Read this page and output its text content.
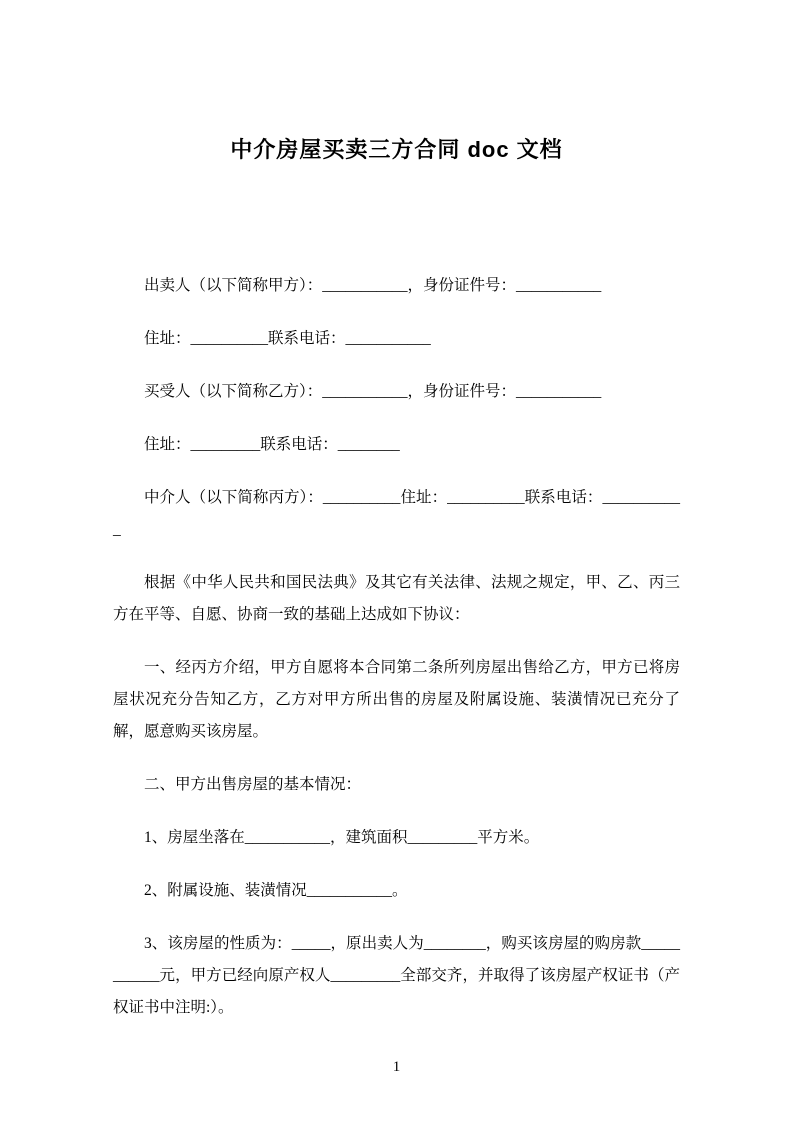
中介房屋买卖三方合同 doc 文档

出卖人（以下简称甲方）：___________，身份证件号：___________

住址：__________联系电话：___________

买受人（以下简称乙方）：___________，身份证件号：___________

住址：_________联系电话：________

中介人（以下简称丙方）：__________住址：__________联系电话：___________

根据《中华人民共和国民法典》及其它有关法律、法规之规定，甲、乙、丙三方在平等、自愿、协商一致的基础上达成如下协议：

一、经丙方介绍，甲方自愿将本合同第二条所列房屋出售给乙方，甲方已将房屋状况充分告知乙方，乙方对甲方所出售的房屋及附属设施、装潢情况已充分了解，愿意购买该房屋。

二、甲方出售房屋的基本情况：

1、房屋坐落在___________，建筑面积_________平方米。

2、附属设施、装潢情况___________。

3、该房屋的性质为：_____，原出卖人为________，购买该房屋的购房款___________元，甲方已经向原产权人_________全部交齐，并取得了该房屋产权证书（产权证书中注明:）。

1
